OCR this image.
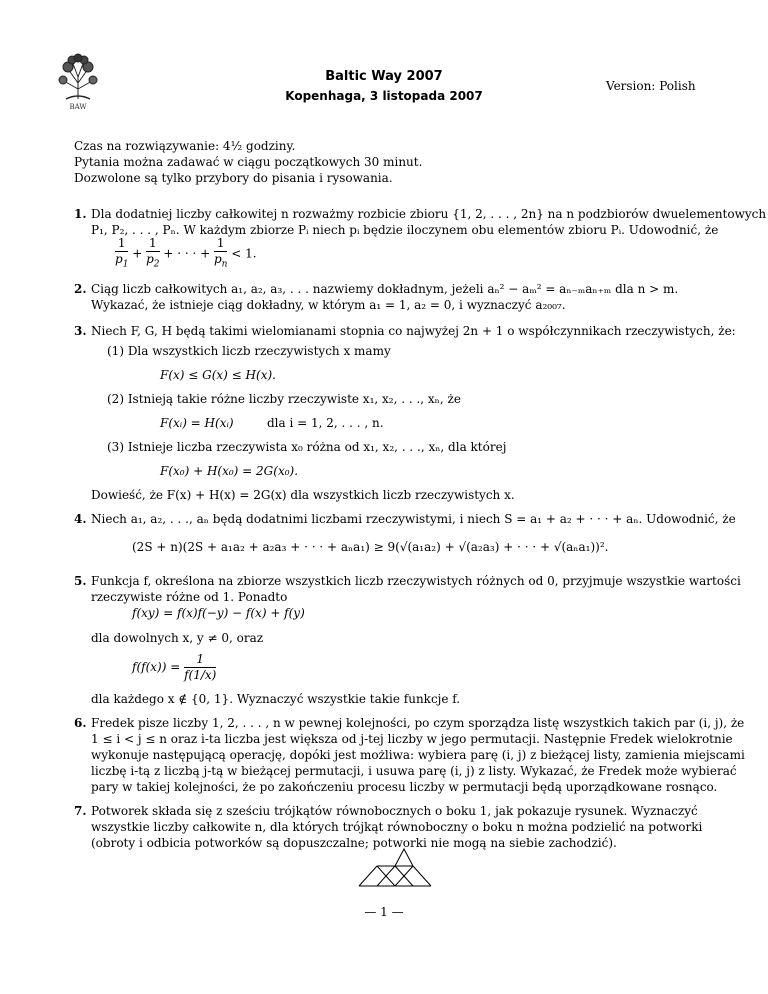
BAW
Baltic Way 2007
Kopenhaga, 3 listopada 2007
Version: Polish
Czas na rozwiązywanie: 4½ godziny.
Pytania można zadawać w ciągu początkowych 30 minut.
Dozwolone są tylko przybory do pisania i rysowania.
1. Dla dodatniej liczby całkowitej n rozważmy rozbicie zbioru {1, 2, . . . , 2n} na n podzbiorów dwuelementowych
P₁, P₂, . . . , Pₙ. W każdym zbiorze Pᵢ niech pᵢ będzie iloczynem obu elementów zbioru Pᵢ. Udowodnić, że
$\frac{1}{p_1} + \frac{1}{p_2}$ + · · · + $\frac{1}{p_n} < 1$.
2. Ciąg liczb całkowitych a₁, a₂, a₃, . . . nazwiemy dokładnym, jeżeli aₙ² − aₘ² = aₙ₋ₘaₙ₊ₘ dla n > m.
Wykazać, że istnieje ciąg dokładny, w którym a₁ = 1, a₂ = 0, i wyznaczyć a₂₀₀₇.
3. Niech F, G, H będą takimi wielomianami stopnia co najwyżej 2n + 1 o współczynnikach rzeczywistych, że:
(1) Dla wszystkich liczb rzeczywistych x mamy
F(x) ≤ G(x) ≤ H(x).
(2) Istnieją takie różne liczby rzeczywiste x₁, x₂, . . ., xₙ, że
F(xᵢ) = H(xᵢ)	dla i = 1, 2, . . . , n.
(3) Istnieje liczba rzeczywista x₀ różna od x₁, x₂, . . ., xₙ, dla której
F(x₀) + H(x₀) = 2G(x₀).
Dowieść, że F(x) + H(x) = 2G(x) dla wszystkich liczb rzeczywistych x.
4. Niech a₁, a₂, . . ., aₙ będą dodatnimi liczbami rzeczywistymi, i niech S = a₁ + a₂ + · · · + aₙ. Udowodnić, że
(2S + n)(2S + a₁a₂ + a₂a₃ + · · · + aₙa₁) ≥ 9(√(a₁a₂) + √(a₂a₃) + · · · + √(aₙa₁))².
5. Funkcja f, określona na zbiorze wszystkich liczb rzeczywistych różnych od 0, przyjmuje wszystkie wartości
rzeczywiste różne od 1. Ponadto
f(xy) = f(x)f(−y) − f(x) + f(y)
dla dowolnych x, y ≠ 0, oraz
$f(f(x)) = \frac{1}{f(1/x)}$
dla każdego x ∉ {0, 1}. Wyznaczyć wszystkie takie funkcje f.
6. Fredek pisze liczby 1, 2, . . . , n w pewnej kolejności, po czym sporządza listę wszystkich takich par (i, j), że
1 ≤ i < j ≤ n oraz i-ta liczba jest większa od j-tej liczby w jego permutacji. Następnie Fredek wielokrotnie
wykonuje następującą operację, dopóki jest możliwa: wybiera parę (i, j) z bieżącej listy, zamienia miejscami
liczbę i-tą z liczbą j-tą w bieżącej permutacji, i usuwa parę (i, j) z listy. Wykazać, że Fredek może wybierać
pary w takiej kolejności, że po zakończeniu procesu liczby w permutacji będą uporządkowane rosnąco.
7. Potworek składa się z sześciu trójkątów równobocznych o boku 1, jak pokazuje rysunek. Wyznaczyć
wszystkie liczby całkowite n, dla których trójkąt równoboczny o boku n można podzielić na potworki
(obroty i odbicia potworków są dopuszczalne; potworki nie mogą na siebie zachodzić).
— 1 —
